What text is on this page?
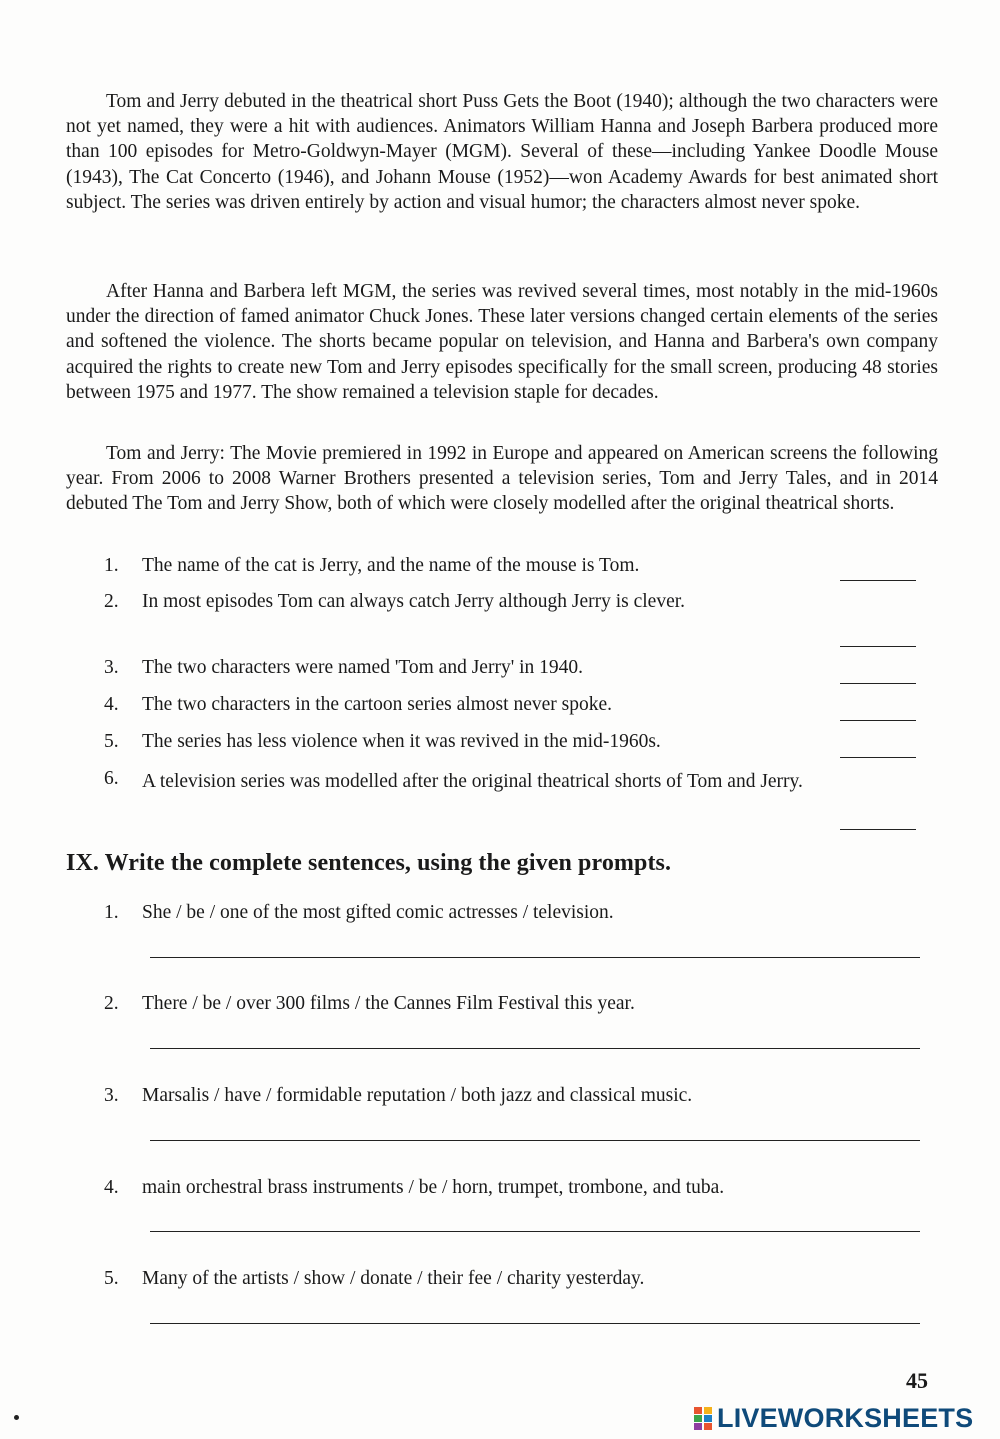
Tom and Jerry debuted in the theatrical short Puss Gets the Boot (1940); although the two characters were not yet named, they were a hit with audiences. Animators William Hanna and Joseph Barbera produced more than 100 episodes for Metro-Goldwyn-Mayer (MGM). Several of these—including Yankee Doodle Mouse (1943), The Cat Concerto (1946), and Johann Mouse (1952)—won Academy Awards for best animated short subject. The series was driven entirely by action and visual humor; the characters almost never spoke.

After Hanna and Barbera left MGM, the series was revived several times, most notably in the mid-1960s under the direction of famed animator Chuck Jones. These later versions changed certain elements of the series and softened the violence. The shorts became popular on television, and Hanna and Barbera's own company acquired the rights to create new Tom and Jerry episodes specifically for the small screen, producing 48 stories between 1975 and 1977. The show remained a television staple for decades.

Tom and Jerry: The Movie premiered in 1992 in Europe and appeared on American screens the following year. From 2006 to 2008 Warner Brothers presented a television series, Tom and Jerry Tales, and in 2014 debuted The Tom and Jerry Show, both of which were closely modelled after the original theatrical shorts.

1.	The name of the cat is Jerry, and the name of the mouse is Tom.
2.	In most episodes Tom can always catch Jerry although Jerry is clever.
3.	The two characters were named 'Tom and Jerry' in 1940.
4.	The two characters in the cartoon series almost never spoke.
5.	The series has less violence when it was revived in the mid-1960s.
6.	A television series was modelled after the original theatrical shorts of Tom and Jerry.
IX. Write the complete sentences, using the given prompts.
1. She / be / one of the most gifted comic actresses / television.
2. There / be / over 300 films / the Cannes Film Festival this year.
3. Marsalis / have / formidable reputation / both jazz and classical music.
4. main orchestral brass instruments / be / horn, trumpet, trombone, and tuba.
5. Many of the artists / show / donate / their fee / charity yesterday.
45
LIVEWORKSHEETS
